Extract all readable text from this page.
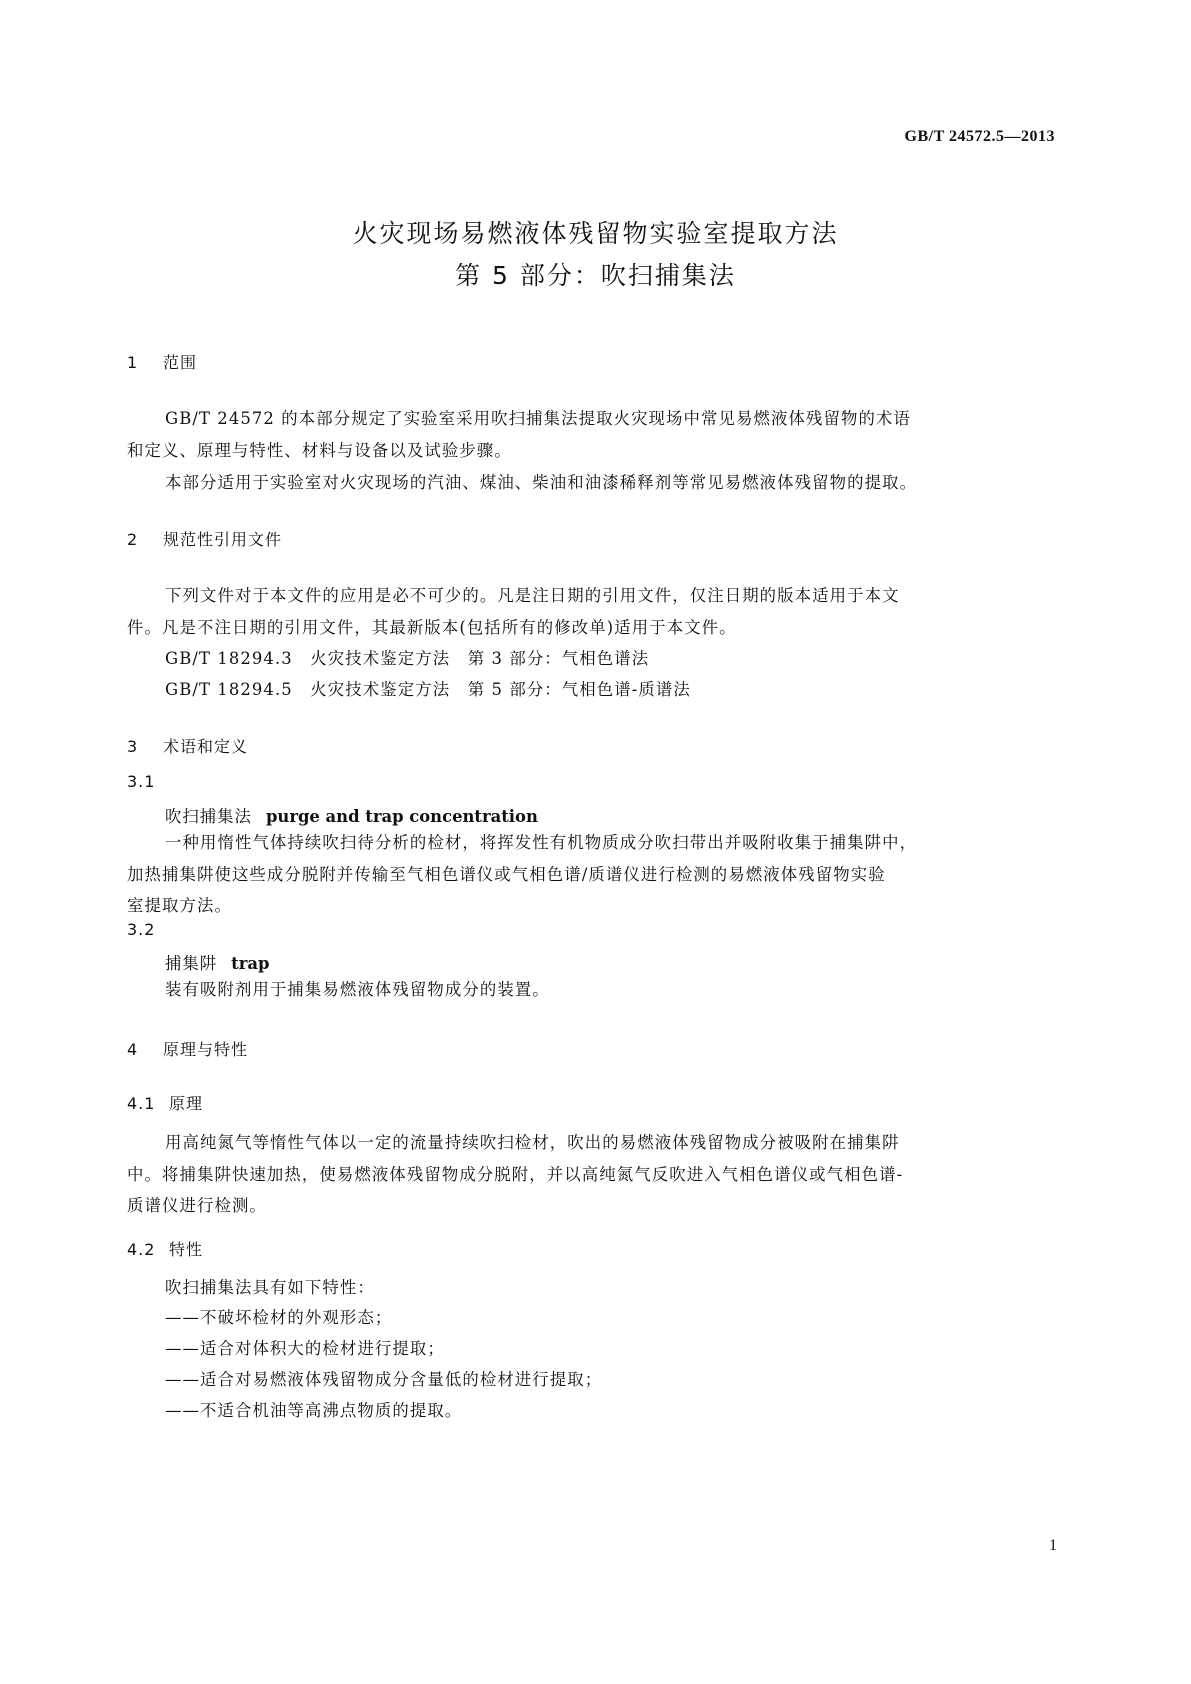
GB/T 24572.5—2013
火灾现场易燃液体残留物实验室提取方法
第 5 部分：吹扫捕集法
1 范围
GB/T 24572 的本部分规定了实验室采用吹扫捕集法提取火灾现场中常见易燃液体残留物的术语
和定义、原理与特性、材料与设备以及试验步骤。
本部分适用于实验室对火灾现场的汽油、煤油、柴油和油漆稀释剂等常见易燃液体残留物的提取。
2 规范性引用文件
下列文件对于本文件的应用是必不可少的。凡是注日期的引用文件，仅注日期的版本适用于本文
件。凡是不注日期的引用文件，其最新版本(包括所有的修改单)适用于本文件。
GB/T 18294.3　火灾技术鉴定方法　第 3 部分：气相色谱法
GB/T 18294.5　火灾技术鉴定方法　第 5 部分：气相色谱-质谱法
3 术语和定义
3.1
吹扫捕集法 purge and trap concentration
一种用惰性气体持续吹扫待分析的检材，将挥发性有机物质成分吹扫带出并吸附收集于捕集阱中，
加热捕集阱使这些成分脱附并传输至气相色谱仪或气相色谱/质谱仪进行检测的易燃液体残留物实验
室提取方法。
3.2
捕集阱 trap
装有吸附剂用于捕集易燃液体残留物成分的装置。
4 原理与特性
4.1 原理
用高纯氮气等惰性气体以一定的流量持续吹扫检材，吹出的易燃液体残留物成分被吸附在捕集阱
中。将捕集阱快速加热，使易燃液体残留物成分脱附，并以高纯氮气反吹进入气相色谱仪或气相色谱-
质谱仪进行检测。
4.2 特性
吹扫捕集法具有如下特性：
——不破坏检材的外观形态；
——适合对体积大的检材进行提取；
——适合对易燃液体残留物成分含量低的检材进行提取；
——不适合机油等高沸点物质的提取。
1
